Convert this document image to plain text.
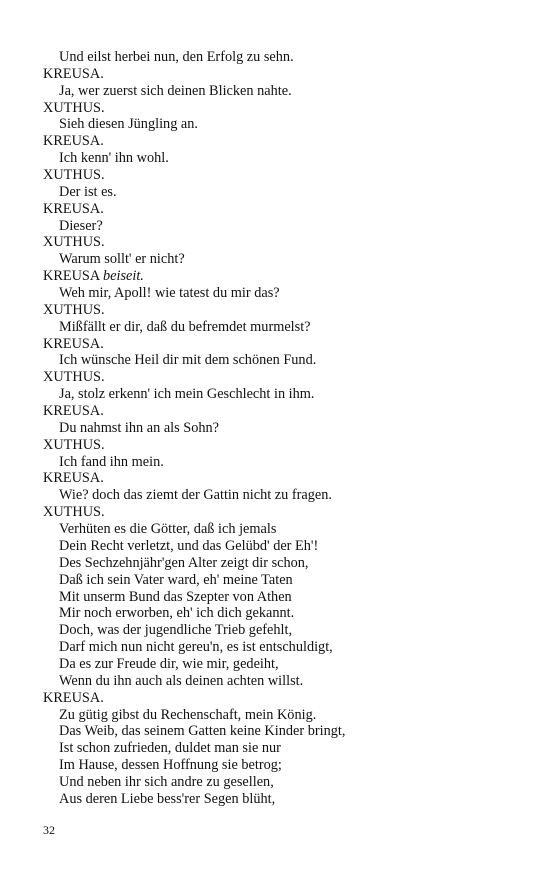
Und eilst herbei nun, den Erfolg zu sehn.
KREUSA.
Ja, wer zuerst sich deinen Blicken nahte.
XUTHUS.
Sieh diesen Jüngling an.
KREUSA.
Ich kenn' ihn wohl.
XUTHUS.
Der ist es.
KREUSA.
Dieser?
XUTHUS.
Warum sollt' er nicht?
KREUSA beiseit.
Weh mir, Apoll! wie tatest du mir das?
XUTHUS.
Mißfällt er dir, daß du befremdet murmelst?
KREUSA.
Ich wünsche Heil dir mit dem schönen Fund.
XUTHUS.
Ja, stolz erkenn' ich mein Geschlecht in ihm.
KREUSA.
Du nahmst ihn an als Sohn?
XUTHUS.
Ich fand ihn mein.
KREUSA.
Wie? doch das ziemt der Gattin nicht zu fragen.
XUTHUS.
Verhüten es die Götter, daß ich jemals
Dein Recht verletzt, und das Gelübd' der Eh'!
Des Sechzehnjähr'gen Alter zeigt dir schon,
Daß ich sein Vater ward, eh' meine Taten
Mit unserm Bund das Szepter von Athen
Mir noch erworben, eh' ich dich gekannt.
Doch, was der jugendliche Trieb gefehlt,
Darf mich nun nicht gereu'n, es ist entschuldigt,
Da es zur Freude dir, wie mir, gedeiht,
Wenn du ihn auch als deinen achten willst.
KREUSA.
Zu gütig gibst du Rechenschaft, mein König.
Das Weib, das seinem Gatten keine Kinder bringt,
Ist schon zufrieden, duldet man sie nur
Im Hause, dessen Hoffnung sie betrog;
Und neben ihr sich andre zu gesellen,
Aus deren Liebe bess'rer Segen blüht,
32
